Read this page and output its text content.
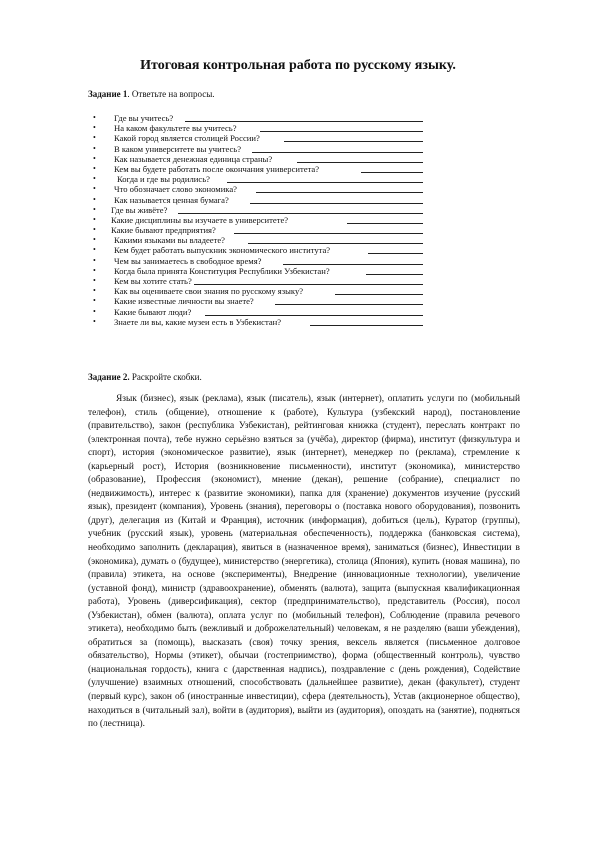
Итоговая контрольная работа по русскому языку.
Задание 1. Ответьте на вопросы.
• Где вы учитесь?
• На каком факультете вы учитесь?
• Какой город является столицей России?
• В каком университете вы учитесь?
• Как называется денежная единица страны?
• Кем вы будете работать после окончания университета?
• Когда и где вы родились?
• Что обозначает слово экономика?
• Как называется ценная бумага?
• Где вы живёте?
• Какие дисциплины вы изучаете в университете?
• Какие бывают предприятия?
• Какими языками вы владеете?
• Кем будет работать выпускник экономического института?
• Чем вы занимаетесь в свободное время?
• Когда была принята Конституция Республики Узбекистан?
• Кем вы хотите стать?
• Как вы оцениваете свои знания по русскому языку?
• Какие известные личности вы знаете?
• Какие бывают люди?
• Знаете ли вы, какие музеи есть в Узбекистан?
Задание 2. Раскройте скобки.

Язык (бизнес), язык (реклама), язык (писатель), язык (интернет), оплатить услуги по (мобильный телефон), стиль (общение), отношение к (работе), Культура (узбекский народ), постановление (правительство), закон (республика Узбекистан), рейтинговая книжка (студент), переслать контракт по (электронная почта), тебе нужно серьёзно взяться за (учёба), директор (фирма), институт (физкультура и спорт), история (экономическое развитие), язык (интернет), менеджер по (реклама), стремление к (карьерный рост), История (возникновение письменности), институт (экономика), министерство (образование), Профессия (экономист), мнение (декан), решение (собрание), специалист по (недвижимость), интерес к (развитие экономики), папка для (хранение) документов изучение (русский язык), президент (компания), Уровень (знания), переговоры о (поставка нового оборудования), позвонить (друг), делегация из (Китай и Франция), источник (информация), добиться (цель), Куратор (группы), учебник (русский язык), уровень (материальная обеспеченность), поддержка (банковская система), необходимо заполнить (декларация), явиться в (назначенное время), заниматься (бизнес), Инвестиции в (экономика), думать о (будущее), министерство (энергетика), столица (Япония), купить (новая машина), по (правила) этикета, на основе (эксперименты), Внедрение (инновационные технологии), увеличение (уставной фонд), министр (здравоохранение), обменять (валюта), защита (выпускная квалификационная работа), Уровень (диверсификация), сектор (предпринимательство), представитель (Россия), посол (Узбекистан), обмен (валюта), оплата услуг по (мобильный телефон), Соблюдение (правила речевого этикета), необходимо быть (вежливый и доброжелательный) человекам, я не разделяю (ваши убеждения), обратиться за (помощь), высказать (своя) точку зрения, вексель является (письменное долговое обязательство), Нормы (этикет), обычаи (гостеприимство), форма (общественный контроль), чувство (национальная гордость), книга с (дарственная надпись), поздравление с (день рождения), Содействие (улучшение) взаимных отношений, способствовать (дальнейшее развитие), декан (факультет), студент (первый курс), закон об (иностранные инвестиции), сфера (деятельность), Устав (акционерное общество), находиться в (читальный зал), войти в (аудитория), выйти из (аудитория), опоздать на (занятие), подняться по (лестница).
